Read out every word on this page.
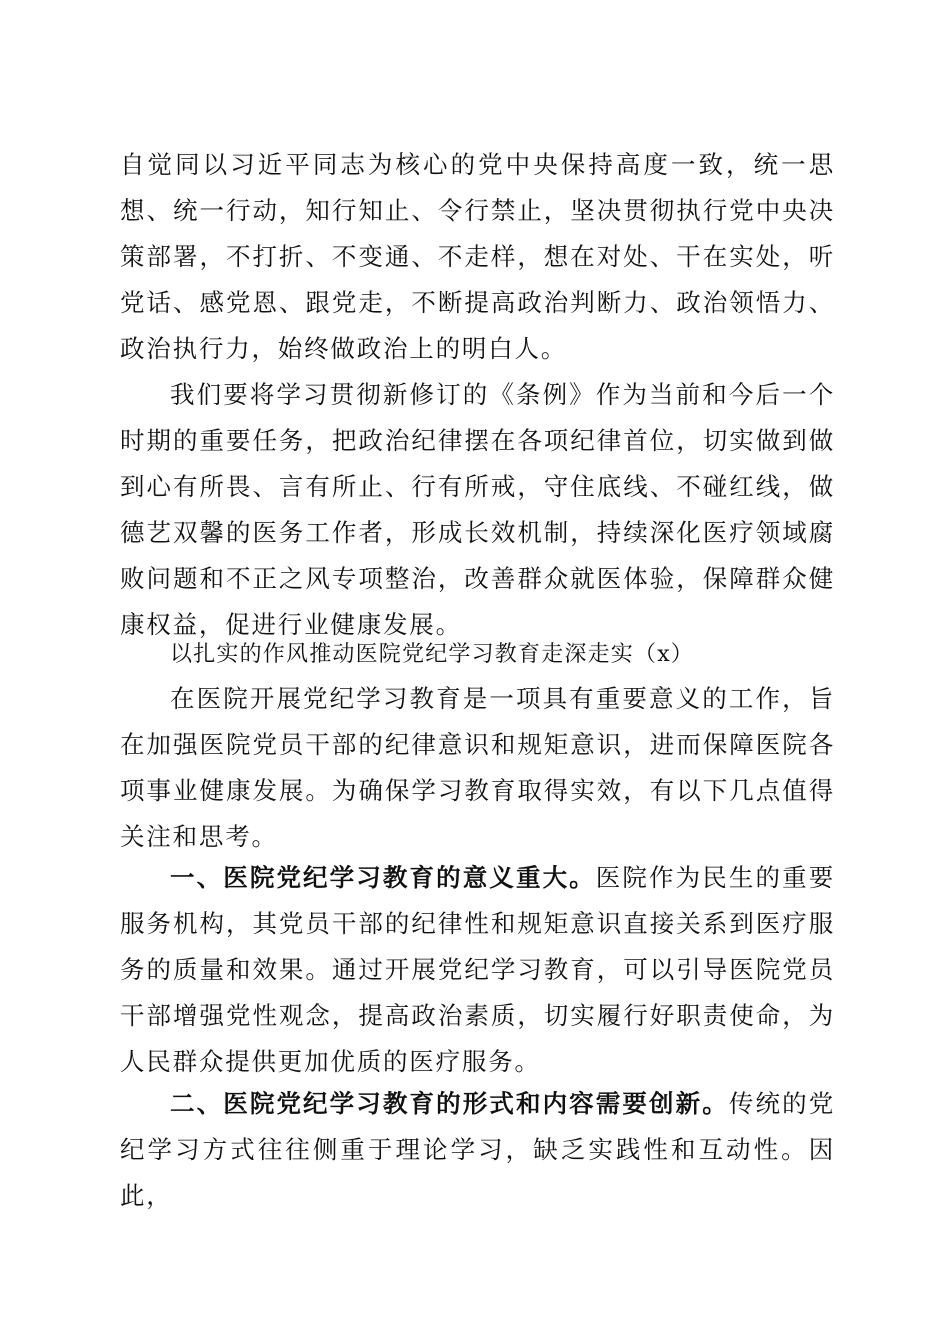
自觉同以习近平同志为核心的党中央保持高度一致，统一思想、统一行动，知行知止、令行禁止，坚决贯彻执行党中央决策部署，不打折、不变通、不走样，想在对处、干在实处，听党话、感党恩、跟党走，不断提高政治判断力、政治领悟力、政治执行力，始终做政治上的明白人。

我们要将学习贯彻新修订的《条例》作为当前和今后一个时期的重要任务，把政治纪律摆在各项纪律首位，切实做到做到心有所畏、言有所止、行有所戒，守住底线、不碰红线，做德艺双馨的医务工作者，形成长效机制，持续深化医疗领域腐败问题和不正之风专项整治，改善群众就医体验，保障群众健康权益，促进行业健康发展。

以扎实的作风推动医院党纪学习教育走深走实（x）

在医院开展党纪学习教育是一项具有重要意义的工作，旨在加强医院党员干部的纪律意识和规矩意识，进而保障医院各项事业健康发展。为确保学习教育取得实效，有以下几点值得关注和思考。

一、医院党纪学习教育的意义重大。医院作为民生的重要服务机构，其党员干部的纪律性和规矩意识直接关系到医疗服务的质量和效果。通过开展党纪学习教育，可以引导医院党员干部增强党性观念，提高政治素质，切实履行好职责使命，为人民群众提供更加优质的医疗服务。

二、医院党纪学习教育的形式和内容需要创新。传统的党纪学习方式往往侧重于理论学习，缺乏实践性和互动性。因此，
